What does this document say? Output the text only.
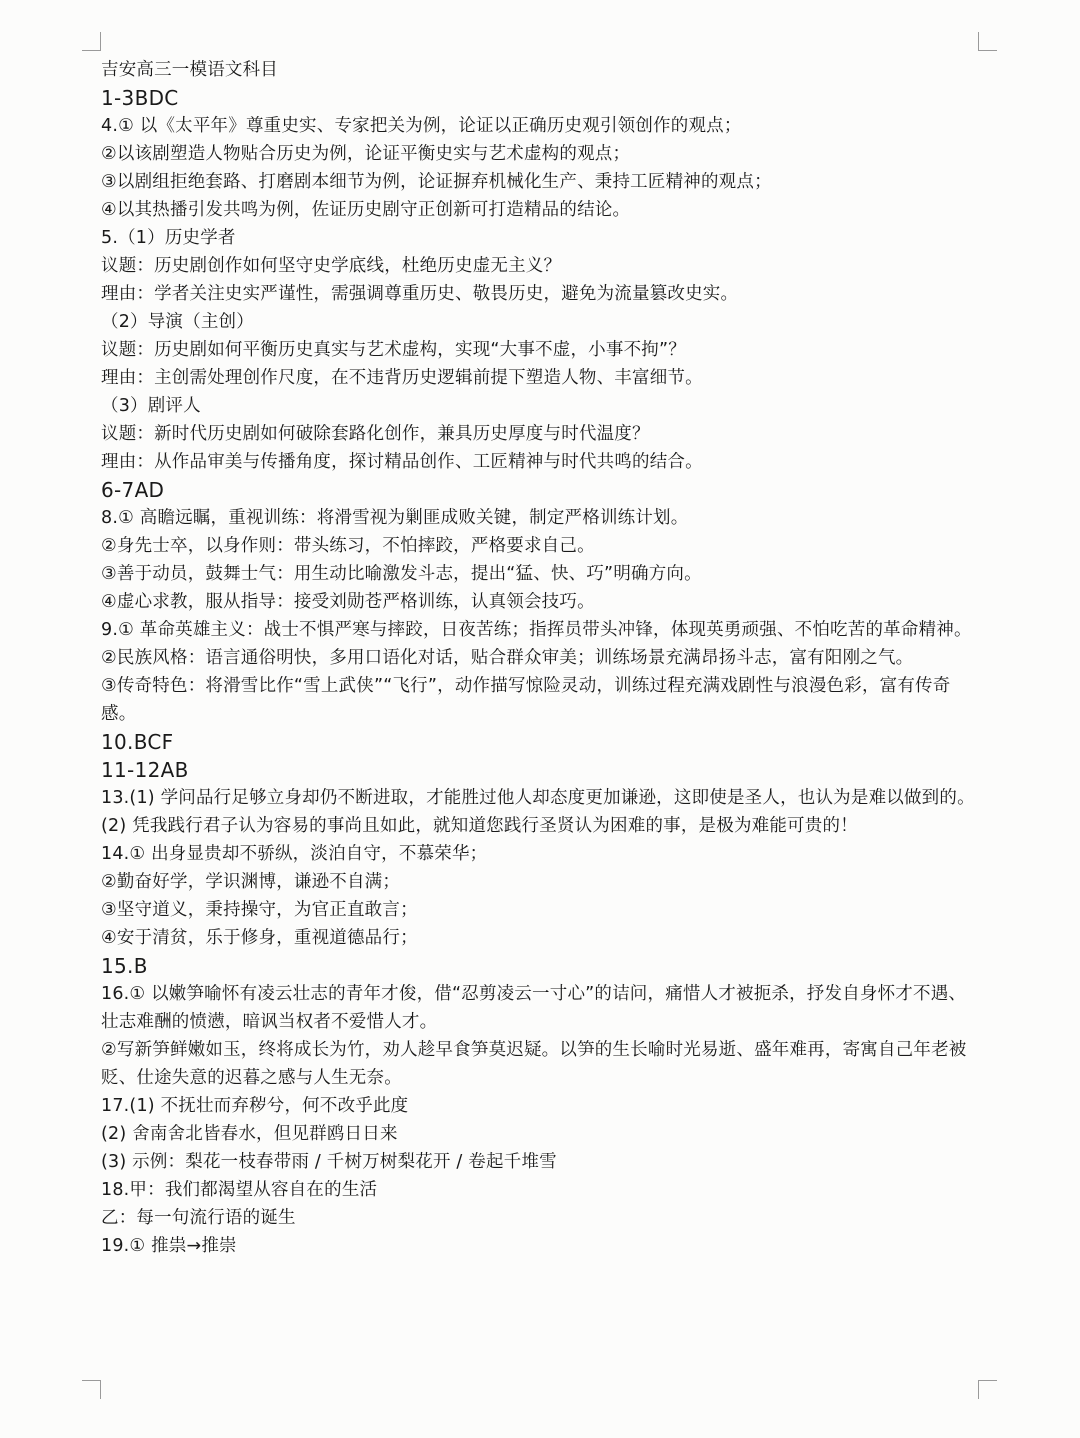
吉安高三一模语文科目
1-3BDC
4.① 以《太平年》尊重史实、专家把关为例，论证以正确历史观引领创作的观点；
②以该剧塑造人物贴合历史为例，论证平衡史实与艺术虚构的观点；
③以剧组拒绝套路、打磨剧本细节为例，论证摒弃机械化生产、秉持工匠精神的观点；
④以其热播引发共鸣为例，佐证历史剧守正创新可打造精品的结论。
5.（1）历史学者
议题：历史剧创作如何坚守史学底线，杜绝历史虚无主义？
理由：学者关注史实严谨性，需强调尊重历史、敬畏历史，避免为流量篡改史实。
（2）导演（主创）
议题：历史剧如何平衡历史真实与艺术虚构，实现“大事不虚，小事不拘”？
理由：主创需处理创作尺度，在不违背历史逻辑前提下塑造人物、丰富细节。
（3）剧评人
议题：新时代历史剧如何破除套路化创作，兼具历史厚度与时代温度？
理由：从作品审美与传播角度，探讨精品创作、工匠精神与时代共鸣的结合。
6-7AD
8.① 高瞻远瞩，重视训练：将滑雪视为剿匪成败关键，制定严格训练计划。
②身先士卒，以身作则：带头练习，不怕摔跤，严格要求自己。
③善于动员，鼓舞士气：用生动比喻激发斗志，提出“猛、快、巧”明确方向。
④虚心求教，服从指导：接受刘勋苍严格训练，认真领会技巧。
9.① 革命英雄主义：战士不惧严寒与摔跤，日夜苦练；指挥员带头冲锋，体现英勇顽强、不怕吃苦的革命精神。
②民族风格：语言通俗明快，多用口语化对话，贴合群众审美；训练场景充满昂扬斗志，富有阳刚之气。
③传奇特色：将滑雪比作“雪上武侠”“飞行”，动作描写惊险灵动，训练过程充满戏剧性与浪漫色彩，富有传奇感。
10.BCF
11-12AB
13.(1) 学问品行足够立身却仍不断进取，才能胜过他人却态度更加谦逊，这即使是圣人，也认为是难以做到的。
(2) 凭我践行君子认为容易的事尚且如此，就知道您践行圣贤认为困难的事，是极为难能可贵的！
14.① 出身显贵却不骄纵，淡泊自守，不慕荣华；
②勤奋好学，学识渊博，谦逊不自满；
③坚守道义，秉持操守，为官正直敢言；
④安于清贫，乐于修身，重视道德品行；
15.B
16.① 以嫩笋喻怀有凌云壮志的青年才俊，借“忍剪凌云一寸心”的诘问，痛惜人才被扼杀，抒发自身怀才不遇、壮志难酬的愤懑，暗讽当权者不爱惜人才。
②写新笋鲜嫩如玉，终将成长为竹，劝人趁早食笋莫迟疑。以笋的生长喻时光易逝、盛年难再，寄寓自己年老被贬、仕途失意的迟暮之感与人生无奈。
17.(1) 不抚壮而弃秽兮，何不改乎此度
(2) 舍南舍北皆春水，但见群鸥日日来
(3) 示例：梨花一枝春带雨 / 千树万树梨花开 / 卷起千堆雪
18.甲：我们都渴望从容自在的生活
乙：每一句流行语的诞生
19.① 推祟→推崇
